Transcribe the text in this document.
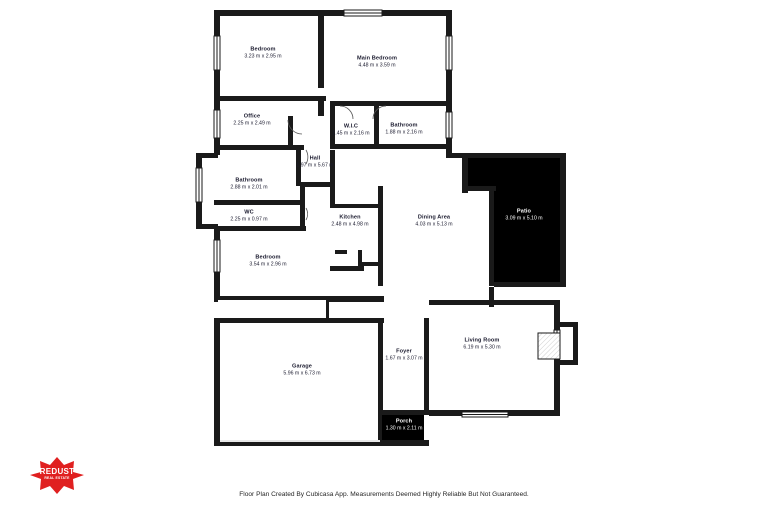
Bedroom
3.23 m x 2.95 m	Main Bedroom
4.48 m x 3.59 m
Office
2.25 m x 2.49 m
W.I.C
1.45 m x 2.16 m
Bathroom
1.88 m x 2.16 m
Hall
1.97 m x 5.67 m
Bathroom
2.88 m x 2.01 m
WC
2.25 m x 0.97 m	Kitchen
2.48 m x 4.98 m
Dining Area
4.03 m x 5.13 m
Patio
3.09 m x 5.10 m
Bedroom
3.54 m x 2.96 m
Living Room
6.19 m x 5.30 m
Foyer
1.67 m x 3.07 m
Garage
5.96 m x 6.73 m
Porch
1.30 m x 2.11 m
REDUST
REAL ESTATE
Floor Plan Created By Cubicasa App. Measurements Deemed Highly Reliable But Not Guaranteed.
